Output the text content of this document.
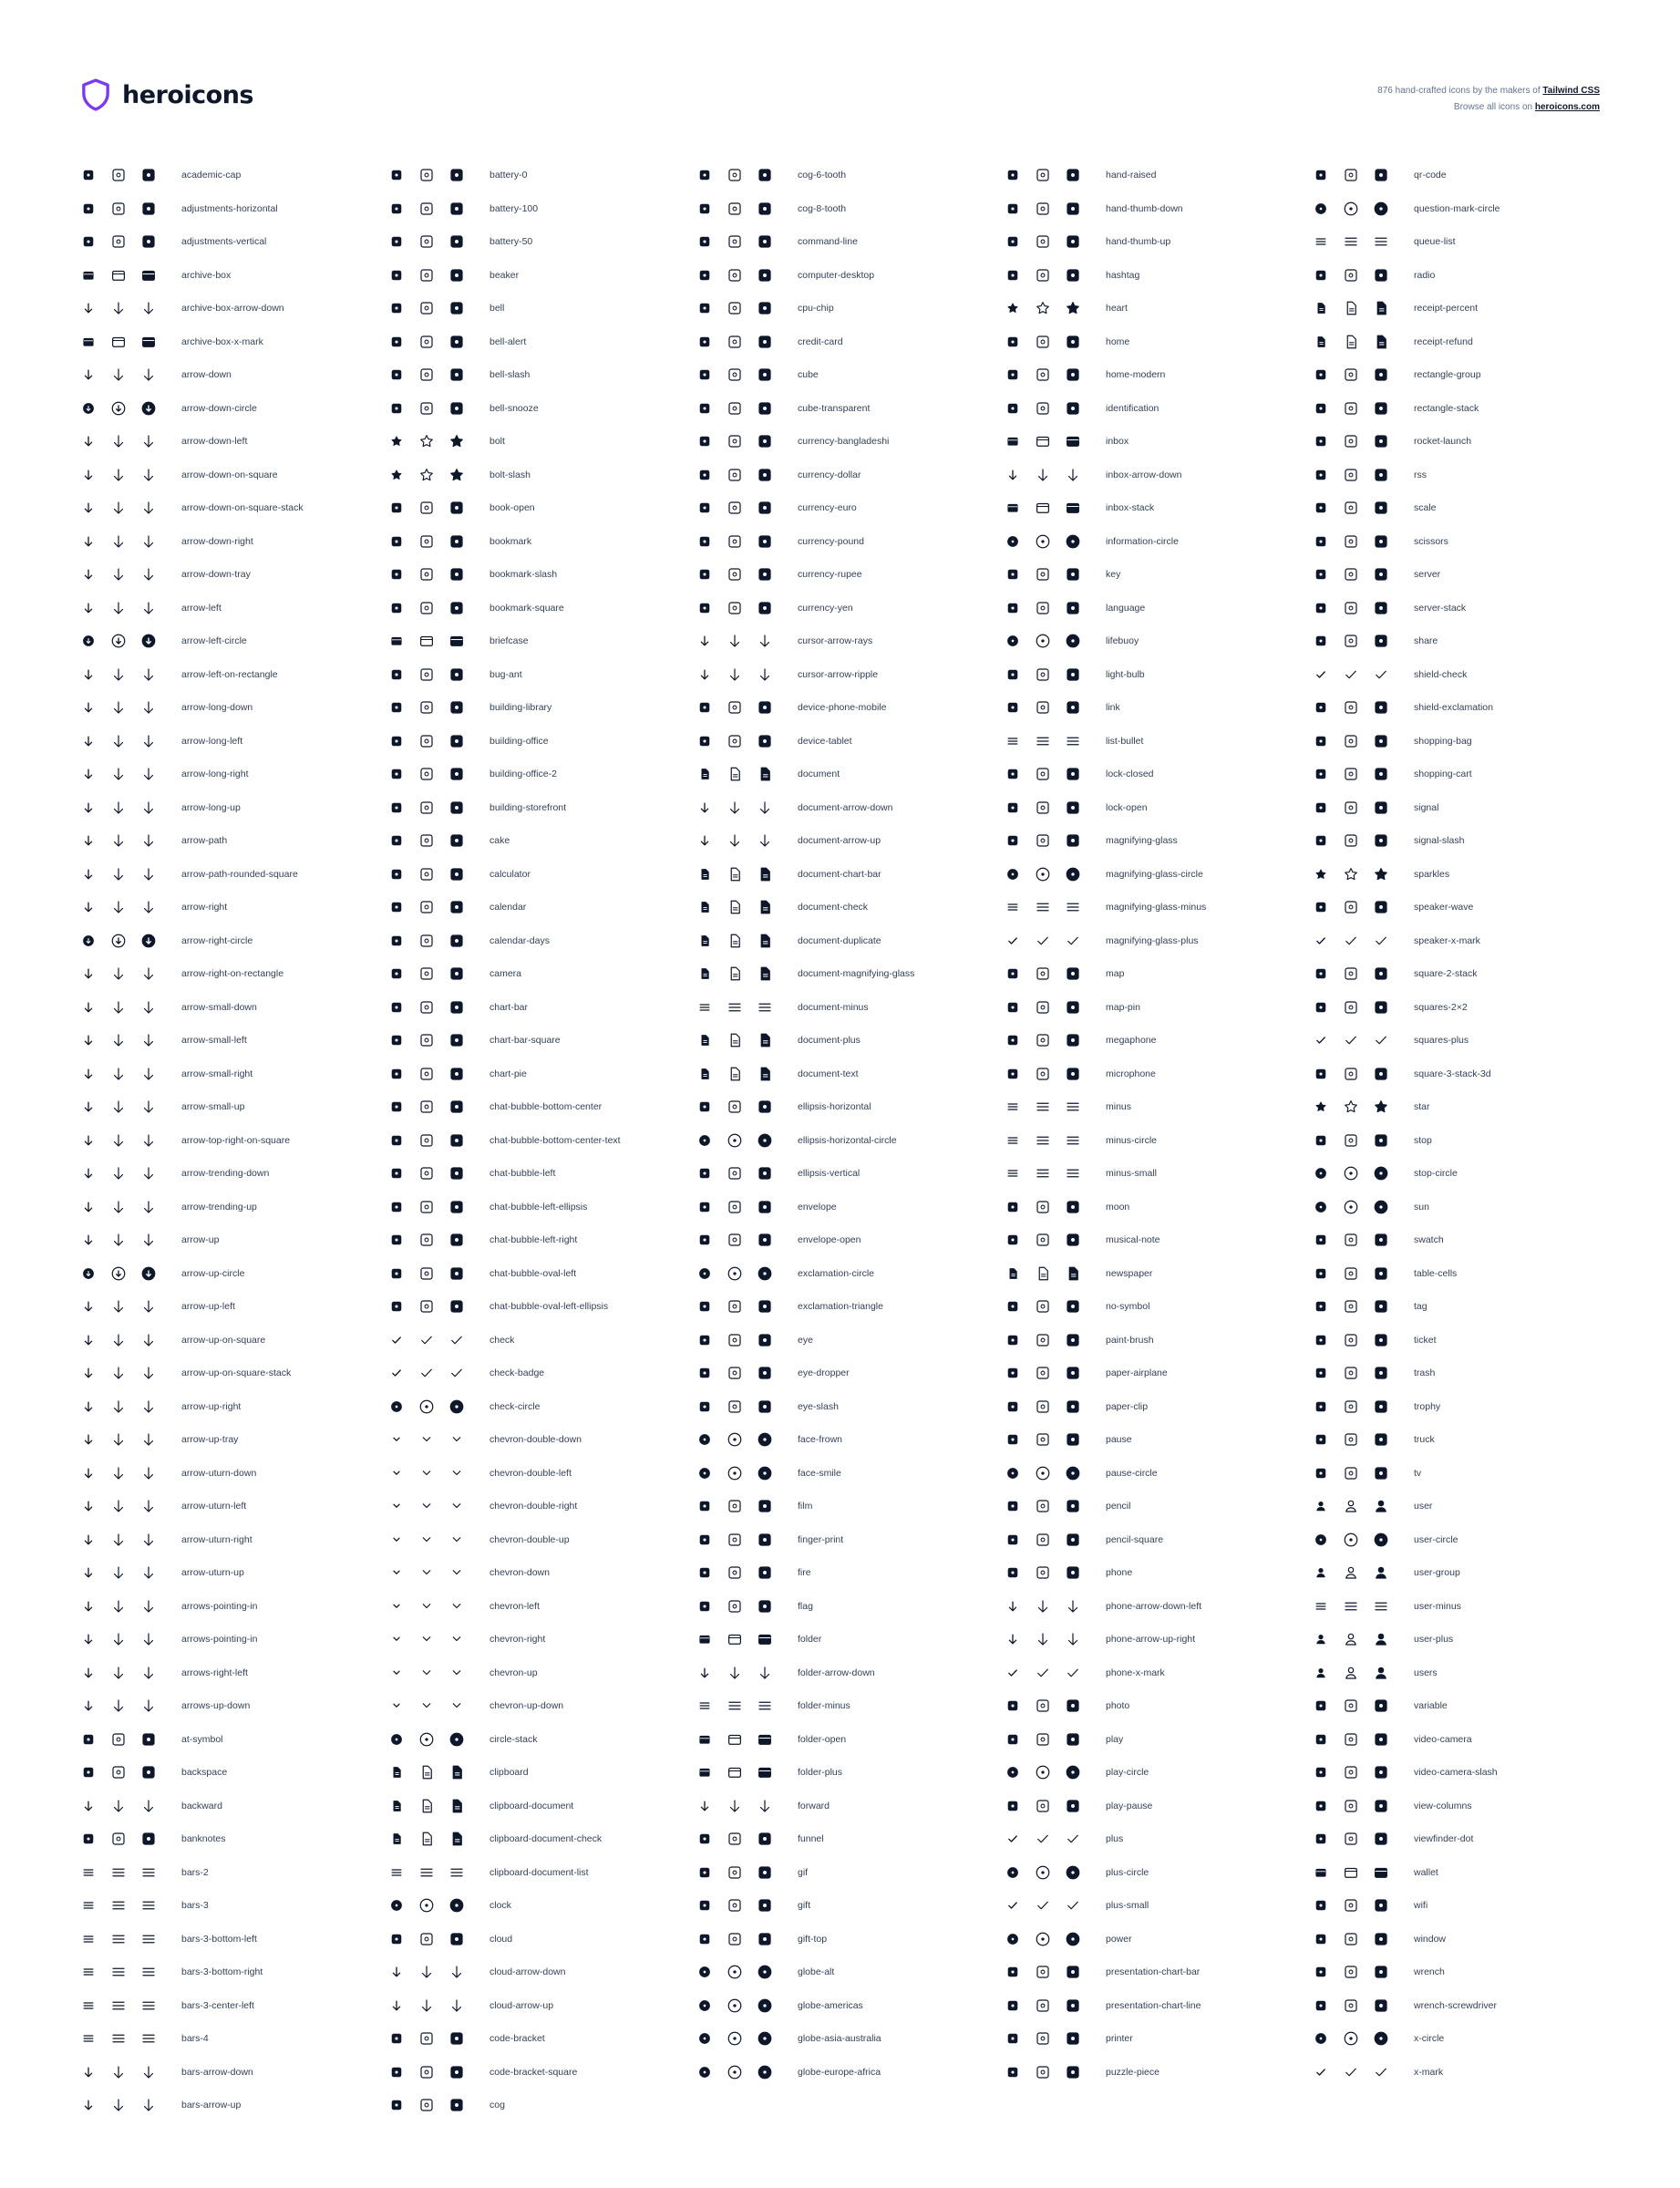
heroicons	876 hand-crafted icons by the makers of Tailwind CSS
Browse all icons on heroicons.com
academic-cap
adjustments-horizontal
adjustments-vertical
archive-box
archive-box-arrow-down
archive-box-x-mark
arrow-down
arrow-down-circle
arrow-down-left
arrow-down-on-square
arrow-down-on-square-stack
arrow-down-right
arrow-down-tray
arrow-left
arrow-left-circle
arrow-left-on-rectangle
arrow-long-down
arrow-long-left
arrow-long-right
arrow-long-up
arrow-path
arrow-path-rounded-square
arrow-right
arrow-right-circle
arrow-right-on-rectangle
arrow-small-down
arrow-small-left
arrow-small-right
arrow-small-up
arrow-top-right-on-square
arrow-trending-down
arrow-trending-up
arrow-up
arrow-up-circle
arrow-up-left
arrow-up-on-square
arrow-up-on-square-stack
arrow-up-right
arrow-up-tray
arrow-uturn-down
arrow-uturn-left
arrow-uturn-right
arrow-uturn-up
arrows-pointing-in
arrows-pointing-in
arrows-right-left
arrows-up-down
at-symbol
backspace
backward
banknotes
bars-2
bars-3
bars-3-bottom-left
bars-3-bottom-right
bars-3-center-left
bars-4
bars-arrow-down
bars-arrow-up
battery-0
battery-100
battery-50
beaker
bell
bell-alert
bell-slash
bell-snooze
bolt
bolt-slash
book-open
bookmark
bookmark-slash
bookmark-square
briefcase
bug-ant
building-library
building-office
building-office-2
building-storefront
cake
calculator
calendar
calendar-days
camera
chart-bar
chart-bar-square
chart-pie
chat-bubble-bottom-center
chat-bubble-bottom-center-text
chat-bubble-left
chat-bubble-left-ellipsis
chat-bubble-left-right
chat-bubble-oval-left
chat-bubble-oval-left-ellipsis
check
check-badge
check-circle
chevron-double-down
chevron-double-left
chevron-double-right
chevron-double-up
chevron-down
chevron-left
chevron-right
chevron-up
chevron-up-down
circle-stack
clipboard
clipboard-document
clipboard-document-check
clipboard-document-list
clock
cloud
cloud-arrow-down
cloud-arrow-up
code-bracket
code-bracket-square
cog
cog-6-tooth
cog-8-tooth
command-line
computer-desktop
cpu-chip
credit-card
cube
cube-transparent
currency-bangladeshi
currency-dollar
currency-euro
currency-pound
currency-rupee
currency-yen
cursor-arrow-rays
cursor-arrow-ripple
device-phone-mobile
device-tablet
document
document-arrow-down
document-arrow-up
document-chart-bar
document-check
document-duplicate
document-magnifying-glass
document-minus
document-plus
document-text
ellipsis-horizontal
ellipsis-horizontal-circle
ellipsis-vertical
envelope
envelope-open
exclamation-circle
exclamation-triangle
eye
eye-dropper
eye-slash
face-frown
face-smile
film
finger-print
fire
flag
folder
folder-arrow-down
folder-minus
folder-open
folder-plus
forward
funnel
gif
gift
gift-top
globe-alt
globe-americas
globe-asia-australia
globe-europe-africa
hand-raised
hand-thumb-down
hand-thumb-up
hashtag
heart
home
home-modern
identification
inbox
inbox-arrow-down
inbox-stack
information-circle
key
language
lifebuoy
light-bulb
link
list-bullet
lock-closed
lock-open
magnifying-glass
magnifying-glass-circle
magnifying-glass-minus
magnifying-glass-plus
map
map-pin
megaphone
microphone
minus
minus-circle
minus-small
moon
musical-note
newspaper
no-symbol
paint-brush
paper-airplane
paper-clip
pause
pause-circle
pencil
pencil-square
phone
phone-arrow-down-left
phone-arrow-up-right
phone-x-mark
photo
play
play-circle
play-pause
plus
plus-circle
plus-small
power
presentation-chart-bar
presentation-chart-line
printer
puzzle-piece
qr-code
question-mark-circle
queue-list
radio
receipt-percent
receipt-refund
rectangle-group
rectangle-stack
rocket-launch
rss
scale
scissors
server
server-stack
share
shield-check
shield-exclamation
shopping-bag
shopping-cart
signal
signal-slash
sparkles
speaker-wave
speaker-x-mark
square-2-stack
squares-2×2
squares-plus
square-3-stack-3d
star
stop
stop-circle
sun
swatch
table-cells
tag
ticket
trash
trophy
truck
tv
user
user-circle
user-group
user-minus
user-plus
users
variable
video-camera
video-camera-slash
view-columns
viewfinder-dot
wallet
wifi
window
wrench
wrench-screwdriver
x-circle
x-mark
